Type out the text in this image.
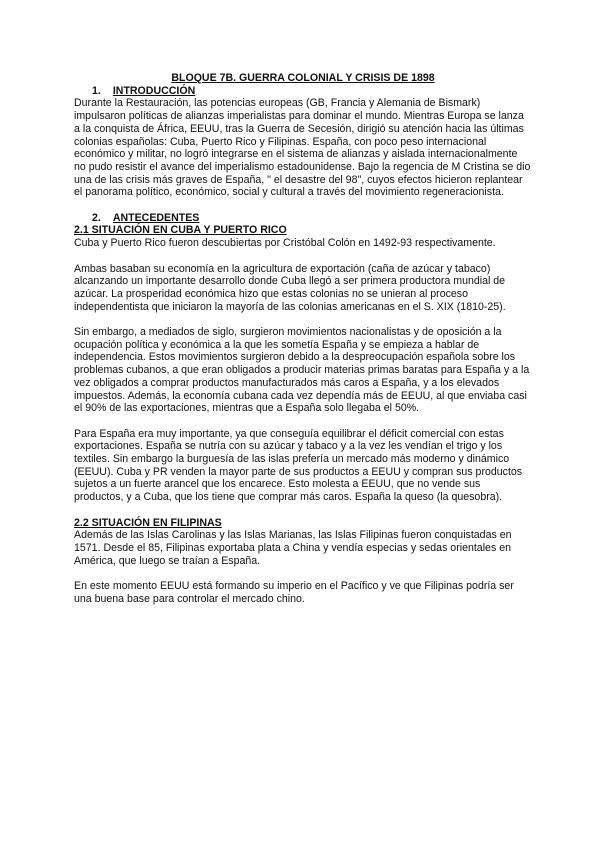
BLOQUE 7B. GUERRA COLONIAL Y CRISIS DE 1898
1. INTRODUCCIÓN

Durante la Restauración, las potencias europeas (GB, Francia y Alemania de Bismark) impulsaron políticas de alianzas imperialistas para dominar el mundo. Mientras Europa se lanza a la conquista de África, EEUU, tras la Guerra de Secesión, dirigió su atención hacia las últimas colonias españolas: Cuba, Puerto Rico y Filipinas. España, con poco peso internacional económico y militar, no logró integrarse en el sistema de alianzas y aislada internacionalmente no pudo resistir el avance del imperialismo estadounidense. Bajo la regencia de M Cristina se dio una de las crisis más graves de España, " el desastre del 98", cuyos efectos hicieron replantear el panorama político, económico, social y cultural a través del movimiento regeneracionista.

2. ANTECEDENTES
2.1 SITUACIÓN EN CUBA Y PUERTO RICO

Cuba y Puerto Rico fueron descubiertas por Cristóbal Colón en 1492-93 respectivamente.

Ambas basaban su economía en la agricultura de exportación (caña de azúcar y tabaco) alcanzando un importante desarrollo donde Cuba llegó a ser primera productora mundial de azúcar. La prosperidad económica hizo que estas colonias no se unieran al proceso independentista que iniciaron la mayoría de las colonias americanas en el S. XIX (1810-25).

Sin embargo, a mediados de siglo, surgieron movimientos nacionalistas y de oposición a la ocupación política y económica a la que les sometía España y se empieza a hablar de independencia. Estos movimientos surgieron debido a la despreocupación española sobre los problemas cubanos, a que eran obligados a producir materias primas baratas para España y a la vez obligados a comprar productos manufacturados más caros a España, y a los elevados impuestos. Además, la economía cubana cada vez dependía más de EEUU, al que enviaba casi el 90% de las exportaciones, mientras que a España solo llegaba el 50%.

Para España era muy importante, ya que conseguía equilibrar el déficit comercial con estas exportaciones. España se nutría con su azúcar y tabaco y a la vez les vendían el trigo y los textiles. Sin embargo la burguesía de las islas prefería un mercado más moderno y dinámico (EEUU). Cuba y PR venden la mayor parte de sus productos a EEUU y compran sus productos sujetos a un fuerte arancel que los encarece. Esto molesta a EEUU, que no vende sus productos, y a Cuba, que los tiene que comprar más caros. España la queso (la quesobra).

2.2 SITUACIÓN EN FILIPINAS

Además de las Islas Carolinas y las Islas Marianas, las Islas Filipinas fueron conquistadas en 1571. Desde el 85, Filipinas exportaba plata a China y vendía especias y sedas orientales en América, que luego se traían a España.

En este momento EEUU está formando su imperio en el Pacífico y ve que Filipinas podría ser una buena base para controlar el mercado chino.
